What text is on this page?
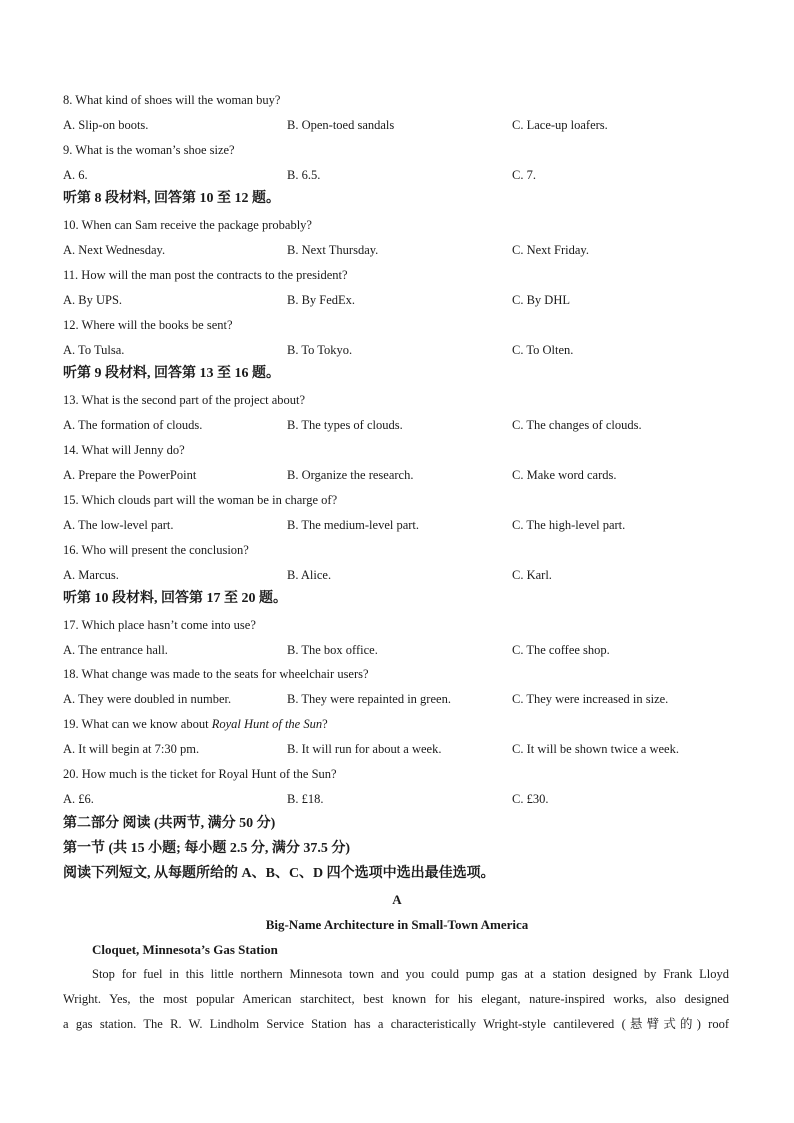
8. What kind of shoes will the woman buy?
A. Slip-on boots.	B. Open-toed sandals	C. Lace-up loafers.
9. What is the woman’s shoe size?
A. 6.	B. 6.5.	C. 7.
听第 8 段材料, 回答第 10 至 12 题。
10. When can Sam receive the package probably?
A. Next Wednesday.	B. Next Thursday.	C. Next Friday.
11. How will the man post the contracts to the president?
A. By UPS.	B. By FedEx.	C. By DHL
12. Where will the books be sent?
A. To Tulsa.	B. To Tokyo.	C. To Olten.
听第 9 段材料, 回答第 13 至 16 题。
13. What is the second part of the project about?
A. The formation of clouds.	B. The types of clouds.	C. The changes of clouds.
14. What will Jenny do?
A. Prepare the PowerPoint	B. Organize the research.	C. Make word cards.
15. Which clouds part will the woman be in charge of?
A. The low-level part.	B. The medium-level part.	C. The high-level part.
16. Who will present the conclusion?
A. Marcus.	B. Alice.	C. Karl.
听第 10 段材料, 回答第 17 至 20 题。
17. Which place hasn’t come into use?
A. The entrance hall.	B. The box office.	C. The coffee shop.
18. What change was made to the seats for wheelchair users?
A. They were doubled in number.	B. They were repainted in green.	C. They were increased in size.
19. What can we know about Royal Hunt of the Sun?
A. It will begin at 7:30 pm.	B. It will run for about a week.	C. It will be shown twice a week.
20. How much is the ticket for Royal Hunt of the Sun?
A. £6.	B. £18.	C. £30.
第二部分 阅读 (共两节, 满分 50 分)
第一节 (共 15 小题; 每小题 2.5 分, 满分 37.5 分)
阅读下列短文, 从每题所给的 A、B、C、D 四个选项中选出最佳选项。
A
Big-Name Architecture in Small-Town America
Cloquet, Minnesota’s Gas Station
Stop for fuel in this little northern Minnesota town and you could pump gas at a station designed by Frank Lloyd
Wright. Yes, the most popular American starchitect, best known for his elegant, nature-inspired works, also designed
a gas station. The R. W. Lindholm Service Station has a characteristically Wright-style cantilevered (悬臂式的) roof
